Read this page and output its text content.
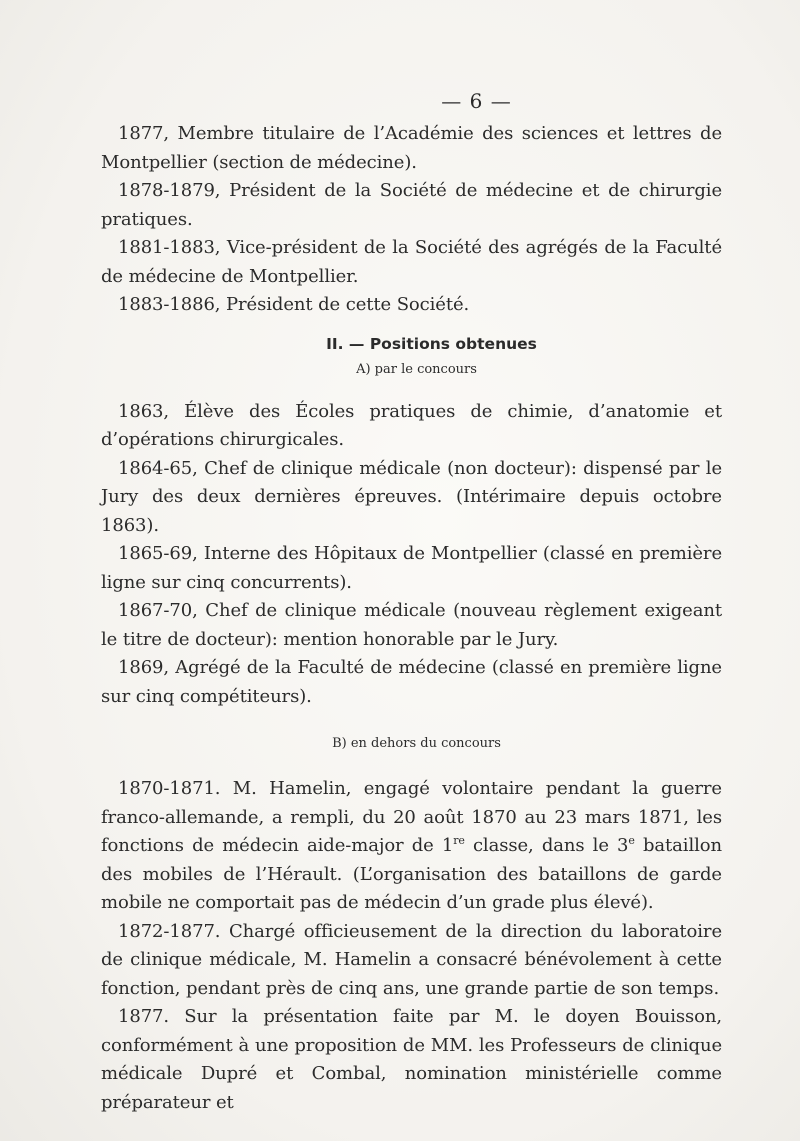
— 6 —

1877, Membre titulaire de l’Académie des sciences et lettres de Montpellier (section de médecine).

1878-1879, Président de la Société de médecine et de chirurgie pratiques.

1881-1883, Vice-président de la Société des agrégés de la Faculté de médecine de Montpellier.

1883-1886, Président de cette Société.

II. — Positions obtenues
A) par le concours

1863, Élève des Écoles pratiques de chimie, d’anatomie et d’opérations chirurgicales.

1864-65, Chef de clinique médicale (non docteur): dispensé par le Jury des deux dernières épreuves. (Intérimaire depuis octobre 1863).

1865-69, Interne des Hôpitaux de Montpellier (classé en première ligne sur cinq concurrents).

1867-70, Chef de clinique médicale (nouveau règlement exigeant le titre de docteur): mention honorable par le Jury.

1869, Agrégé de la Faculté de médecine (classé en première ligne sur cinq compétiteurs).

B) en dehors du concours

1870-1871. M. Hamelin, engagé volontaire pendant la guerre franco-allemande, a rempli, du 20 août 1870 au 23 mars 1871, les fonctions de médecin aide-major de 1re classe, dans le 3e bataillon des mobiles de l’Hérault. (L’organisation des bataillons de garde mobile ne comportait pas de médecin d’un grade plus élevé).

1872-1877. Chargé officieusement de la direction du laboratoire de clinique médicale, M. Hamelin a consacré bénévolement à cette fonction, pendant près de cinq ans, une grande partie de son temps.

1877. Sur la présentation faite par M. le doyen Bouisson, conformément à une proposition de MM. les Professeurs de clinique médicale Dupré et Combal, nomination ministérielle comme préparateur et
